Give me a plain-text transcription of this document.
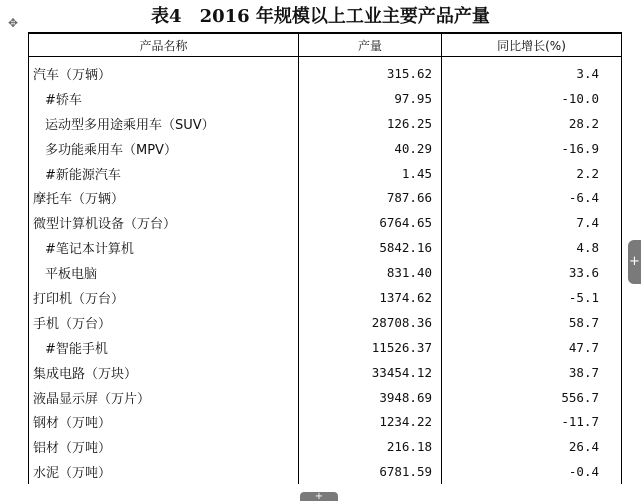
表4　2016 年规模以上工业主要产品产量
✥
产品名称	产量	同比增长(%)
汽车（万辆）	315.62	3.4
#轿车	97.95	-10.0
运动型多用途乘用车（SUV）	126.25	28.2
多功能乘用车（MPV）	40.29	-16.9
#新能源汽车	1.45	2.2
摩托车（万辆）	787.66	-6.4
微型计算机设备（万台）	6764.65	7.4
#笔记本计算机	5842.16	4.8
平板电脑	831.40	33.6
打印机（万台）	1374.62	-5.1
手机（万台）	28708.36	58.7
#智能手机	11526.37	47.7
集成电路（万块）	33454.12	38.7
液晶显示屏（万片）	3948.69	556.7
钢材（万吨）	1234.22	-11.7
铝材（万吨）	216.18	26.4
水泥（万吨）	6781.59	-0.4
+
+
